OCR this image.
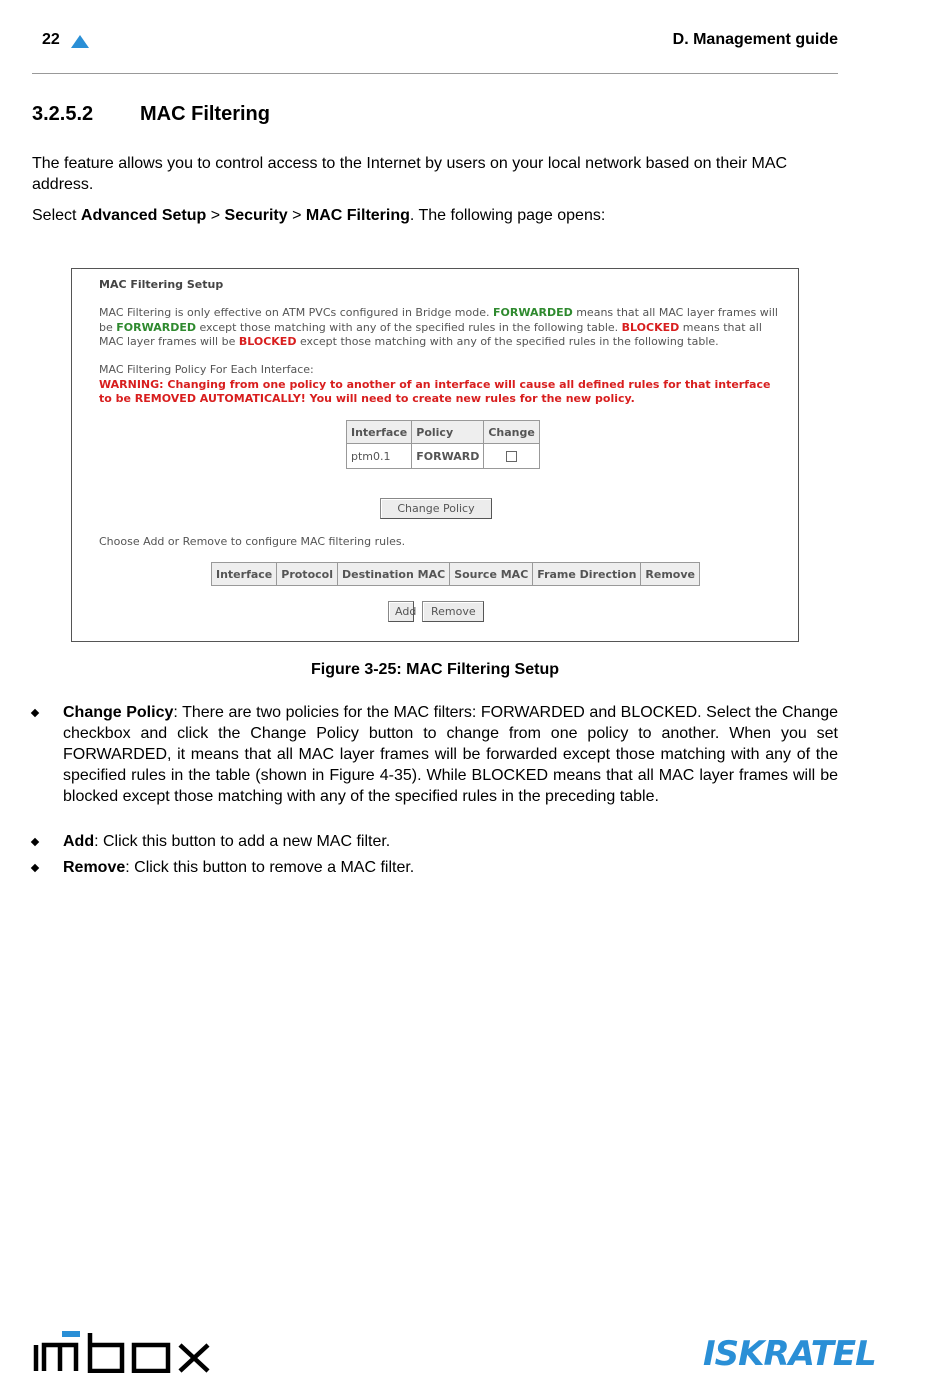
22	D. Management guide
3.2.5.2 MAC Filtering
The feature allows you to control access to the Internet by users on your local network based on their MAC address.
Select Advanced Setup > Security > MAC Filtering. The following page opens:
MAC Filtering Setup
MAC Filtering is only effective on ATM PVCs configured in Bridge mode. FORWARDED means that all MAC layer frames will be FORWARDED except those matching with any of the specified rules in the following table. BLOCKED means that all MAC layer frames will be BLOCKED except those matching with any of the specified rules in the following table.
MAC Filtering Policy For Each Interface:
WARNING: Changing from one policy to another of an interface will cause all defined rules for that interface to be REMOVED AUTOMATICALLY! You will need to create new rules for the new policy.
Interface	Policy	Change
ptm0.1	FORWARD	
Change Policy
Choose Add or Remove to configure MAC filtering rules.
Interface	Protocol	Destination MAC	Source MAC	Frame Direction	Remove
Add	Remove
Figure 3-25: MAC Filtering Setup
Change Policy: There are two policies for the MAC filters: FORWARDED and BLOCKED. Select the Change checkbox and click the Change Policy button to change from one policy to another. When you set FORWARDED, it means that all MAC layer frames will be forwarded except those matching with any of the specified rules in the table (shown in Figure 4-35). While BLOCKED means that all MAC layer frames will be blocked except those matching with any of the specified rules in the preceding table.
Add: Click this button to add a new MAC filter.
Remove: Click this button to remove a MAC filter.
ISKRATEL
